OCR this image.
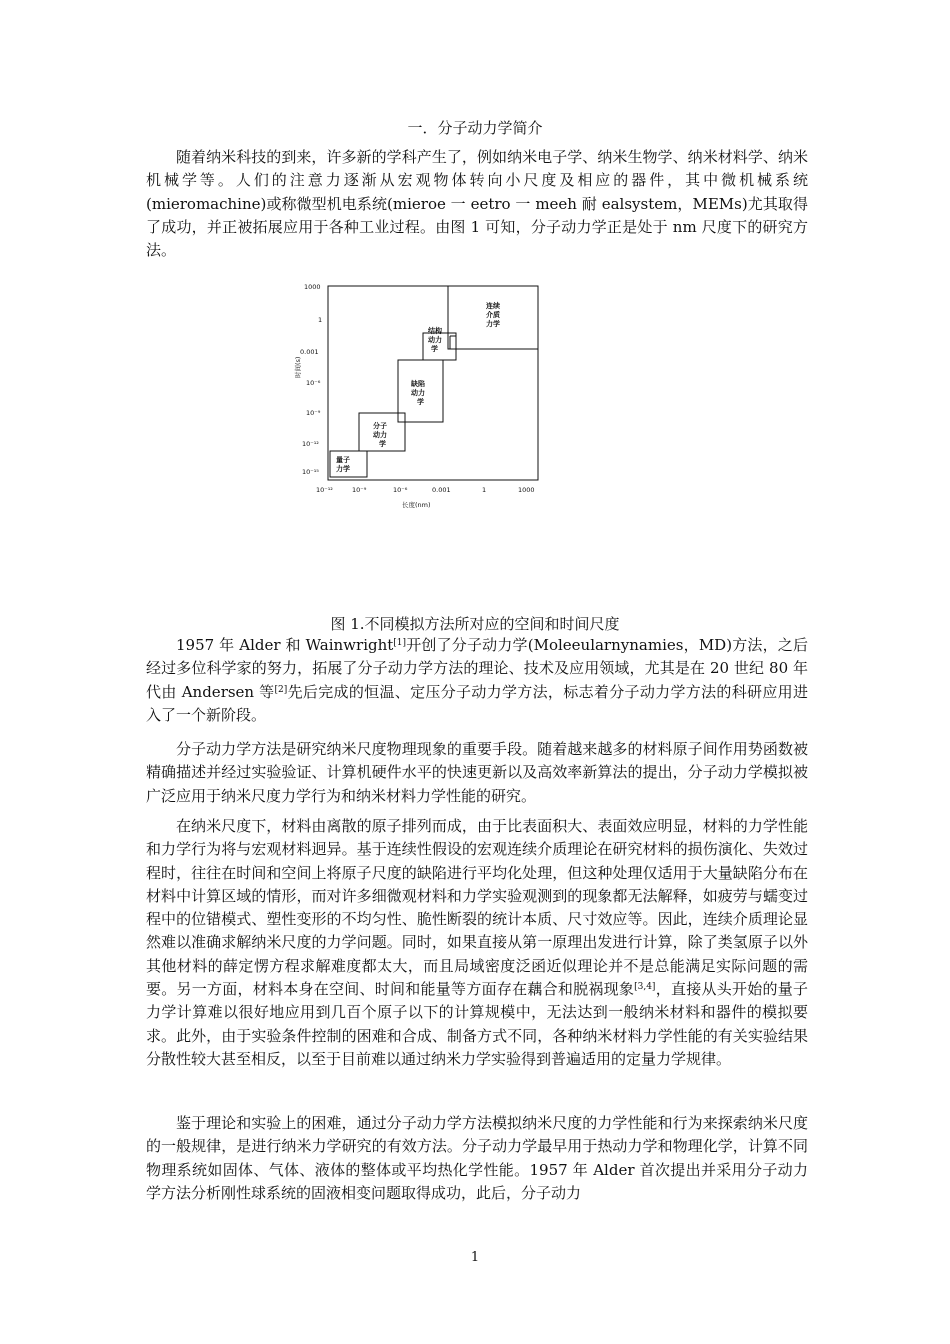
一．分子动力学简介

随着纳米科技的到来，许多新的学科产生了，例如纳米电子学、纳米生物学、纳米材料学、纳米机械学等。人们的注意力逐渐从宏观物体转向小尺度及相应的器件，其中微机械系统 (mieromachine)或称微型机电系统(mieroe 一 eetro 一 meeh 耐 ealsystem，MEMs)尤其取得了成功，并正被拓展应用于各种工业过程。由图 1 可知，分子动力学正是处于 nm 尺度下的研究方法。

量子 力学
分子 动力 学
缺陷 动力 学
结构 动力 学
连续 介质 力学
1000
1
0.001
10⁻⁶
10⁻⁹
10⁻¹²
10⁻¹⁵
时间(s)
10⁻¹²	10⁻⁹	10⁻⁶	0.001	1	1000
长度(nm)
图 1.不同模拟方法所对应的空间和时间尺度

1957 年 Alder 和 Wainwright[1]开创了分子动力学(Moleeularnynamies，MD)方法，之后经过多位科学家的努力，拓展了分子动力学方法的理论、技术及应用领域，尤其是在 20 世纪 80 年代由 Andersen 等[2]先后完成的恒温、定压分子动力学方法，标志着分子动力学方法的科研应用进入了一个新阶段。

分子动力学方法是研究纳米尺度物理现象的重要手段。随着越来越多的材料原子间作用势函数被精确描述并经过实验验证、计算机硬件水平的快速更新以及高效率新算法的提出，分子动力学模拟被广泛应用于纳米尺度力学行为和纳米材料力学性能的研究。

在纳米尺度下，材料由离散的原子排列而成，由于比表面积大、表面效应明显，材料的力学性能和力学行为将与宏观材料迥异。基于连续性假设的宏观连续介质理论在研究材料的损伤演化、失效过程时，往往在时间和空间上将原子尺度的缺陷进行平均化处理，但这种处理仅适用于大量缺陷分布在材料中计算区域的情形，而对许多细微观材料和力学实验观测到的现象都无法解释，如疲劳与蠕变过程中的位错模式、塑性变形的不均匀性、脆性断裂的统计本质、尺寸效应等。因此，连续介质理论显然难以准确求解纳米尺度的力学问题。同时，如果直接从第一原理出发进行计算，除了类氢原子以外其他材料的薛定愣方程求解难度都太大，而且局域密度泛函近似理论并不是总能满足实际问题的需要。另一方面，材料本身在空间、时间和能量等方面存在藕合和脱祸现象[3,4]，直接从头开始的量子力学计算难以很好地应用到几百个原子以下的计算规模中，无法达到一般纳米材料和器件的模拟要求。此外，由于实验条件控制的困难和合成、制备方式不同，各种纳米材料力学性能的有关实验结果分散性较大甚至相反，以至于目前难以通过纳米力学实验得到普遍适用的定量力学规律。

鉴于理论和实验上的困难，通过分子动力学方法模拟纳米尺度的力学性能和行为来探索纳米尺度的一般规律，是进行纳米力学研究的有效方法。分子动力学最早用于热动力学和物理化学，计算不同物理系统如固体、气体、液体的整体或平均热化学性能。1957 年 Alder 首次提出并采用分子动力学方法分析刚性球系统的固液相变问题取得成功，此后，分子动力

1
